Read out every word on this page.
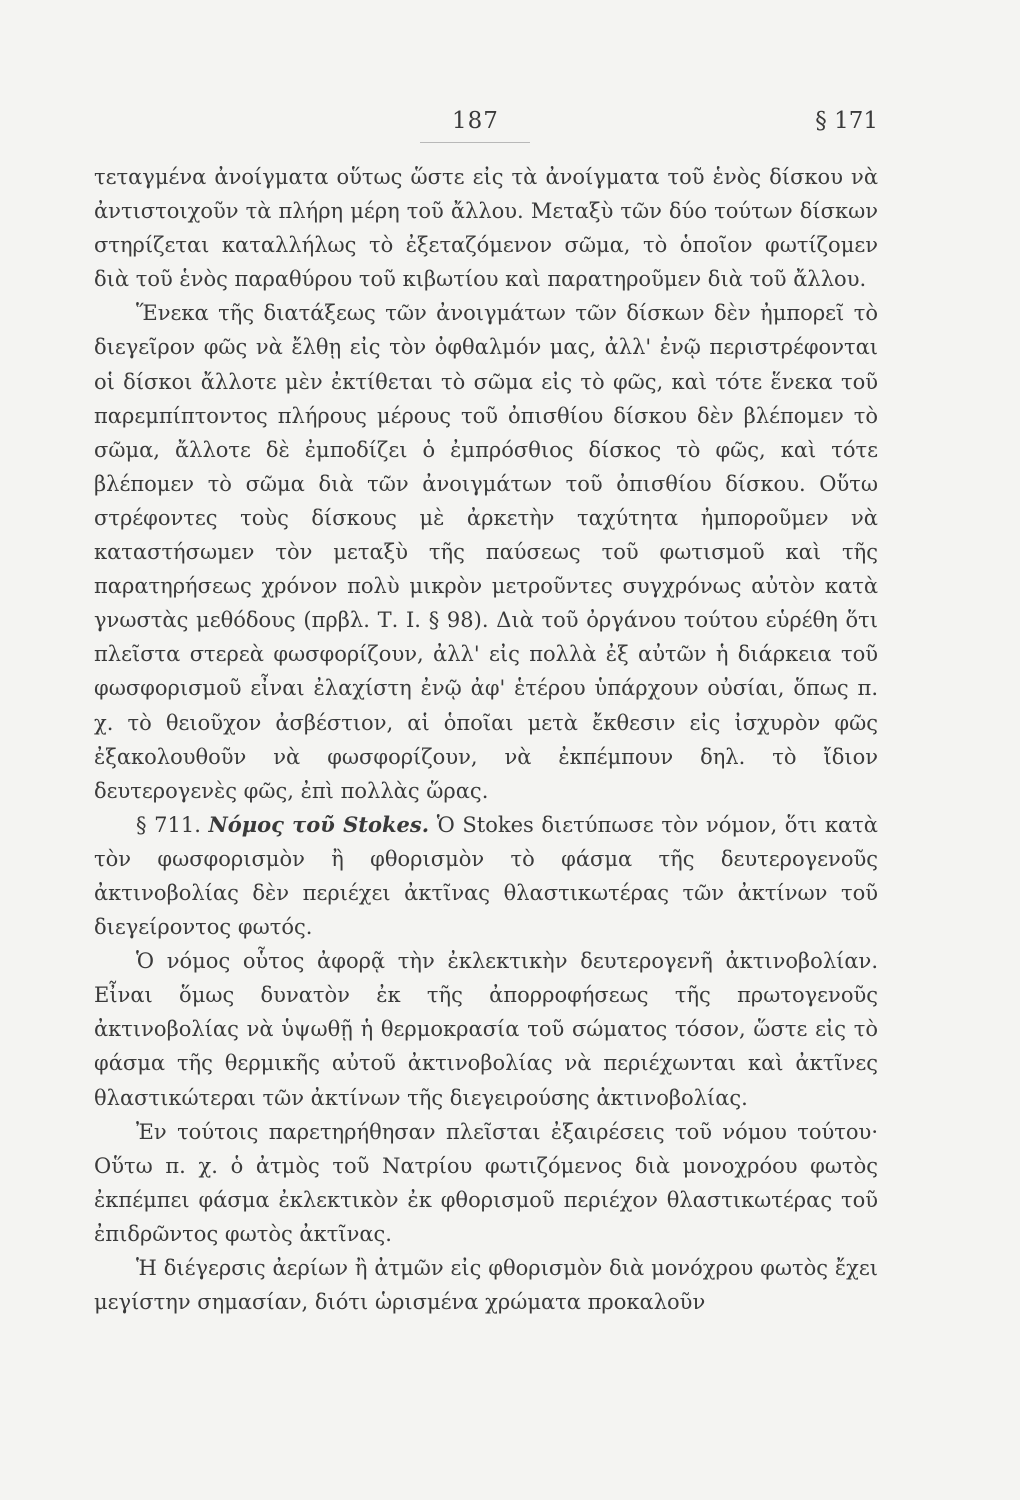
187	§ 171

τεταγμένα ἀνοίγματα οὕτως ὥστε εἰς τὰ ἀνοίγματα τοῦ ἑνὸς δίσκου νὰ ἀντιστοιχοῦν τὰ πλήρη μέρη τοῦ ἄλλου. Μεταξὺ τῶν δύο τούτων δίσκων στηρίζεται καταλλήλως τὸ ἐξεταζόμενον σῶμα, τὸ ὁποῖον φωτίζομεν διὰ τοῦ ἑνὸς παραθύρου τοῦ κιβωτίου καὶ παρατηροῦμεν διὰ τοῦ ἄλλου.

Ἕνεκα τῆς διατάξεως τῶν ἀνοιγμάτων τῶν δίσκων δὲν ἠμπορεῖ τὸ διεγεῖρον φῶς νὰ ἔλθῃ εἰς τὸν ὀφθαλμόν μας, ἀλλ' ἐνῷ περιστρέφονται οἱ δίσκοι ἄλλοτε μὲν ἐκτίθεται τὸ σῶμα εἰς τὸ φῶς, καὶ τότε ἕνεκα τοῦ παρεμπίπτοντος πλήρους μέρους τοῦ ὀπισθίου δίσκου δὲν βλέπομεν τὸ σῶμα, ἄλλοτε δὲ ἐμποδίζει ὁ ἐμπρόσθιος δίσκος τὸ φῶς, καὶ τότε βλέπομεν τὸ σῶμα διὰ τῶν ἀνοιγμάτων τοῦ ὀπισθίου δίσκου. Οὕτω στρέφοντες τοὺς δίσκους μὲ ἀρκετὴν ταχύτητα ἠμποροῦμεν νὰ καταστήσωμεν τὸν μεταξὺ τῆς παύσεως τοῦ φωτισμοῦ καὶ τῆς παρατηρήσεως χρόνον πολὺ μικρὸν μετροῦντες συγχρόνως αὐτὸν κατὰ γνωστὰς μεθόδους (πρβλ. Τ. Ι. § 98). Διὰ τοῦ ὀργάνου τούτου εὑρέθη ὅτι πλεῖστα στερεὰ φωσφορίζουν, ἀλλ' εἰς πολλὰ ἐξ αὐτῶν ἡ διάρκεια τοῦ φωσφορισμοῦ εἶναι ἐλαχίστη ἐνῷ ἀφ' ἑτέρου ὑπάρχουν οὐσίαι, ὅπως π. χ. τὸ θειοῦχον ἀσβέστιον, αἱ ὁποῖαι μετὰ ἔκθεσιν εἰς ἰσχυρὸν φῶς ἐξακολουθοῦν νὰ φωσφορίζουν, νὰ ἐκπέμπουν δηλ. τὸ ἴδιον δευτερογενὲς φῶς, ἐπὶ πολλὰς ὥρας.

§ 711. Νόμος τοῦ Stokes. Ὁ Stokes διετύπωσε τὸν νόμον, ὅτι κατὰ τὸν φωσφορισμὸν ἢ φθορισμὸν τὸ φάσμα τῆς δευτερογενοῦς ἀκτινοβολίας δὲν περιέχει ἀκτῖνας θλαστικωτέρας τῶν ἀκτίνων τοῦ διεγείροντος φωτός.

Ὁ νόμος οὗτος ἀφορᾷ τὴν ἐκλεκτικὴν δευτερογενῆ ἀκτινοβολίαν. Εἶναι ὅμως δυνατὸν ἐκ τῆς ἀπορροφήσεως τῆς πρωτογενοῦς ἀκτινοβολίας νὰ ὑψωθῇ ἡ θερμοκρασία τοῦ σώματος τόσον, ὥστε εἰς τὸ φάσμα τῆς θερμικῆς αὐτοῦ ἀκτινοβολίας νὰ περιέχωνται καὶ ἀκτῖνες θλαστικώτεραι τῶν ἀκτίνων τῆς διεγειρούσης ἀκτινοβολίας.

Ἐν τούτοις παρετηρήθησαν πλεῖσται ἐξαιρέσεις τοῦ νόμου τούτου· Οὕτω π. χ. ὁ ἀτμὸς τοῦ Νατρίου φωτιζόμενος διὰ μονοχρόου φωτὸς ἐκπέμπει φάσμα ἐκλεκτικὸν ἐκ φθορισμοῦ περιέχον θλαστικωτέρας τοῦ ἐπιδρῶντος φωτὸς ἀκτῖνας.

Ἡ διέγερσις ἀερίων ἢ ἀτμῶν εἰς φθορισμὸν διὰ μονόχρου φωτὸς ἔχει μεγίστην σημασίαν, διότι ὡρισμένα χρώματα προκαλοῦν
